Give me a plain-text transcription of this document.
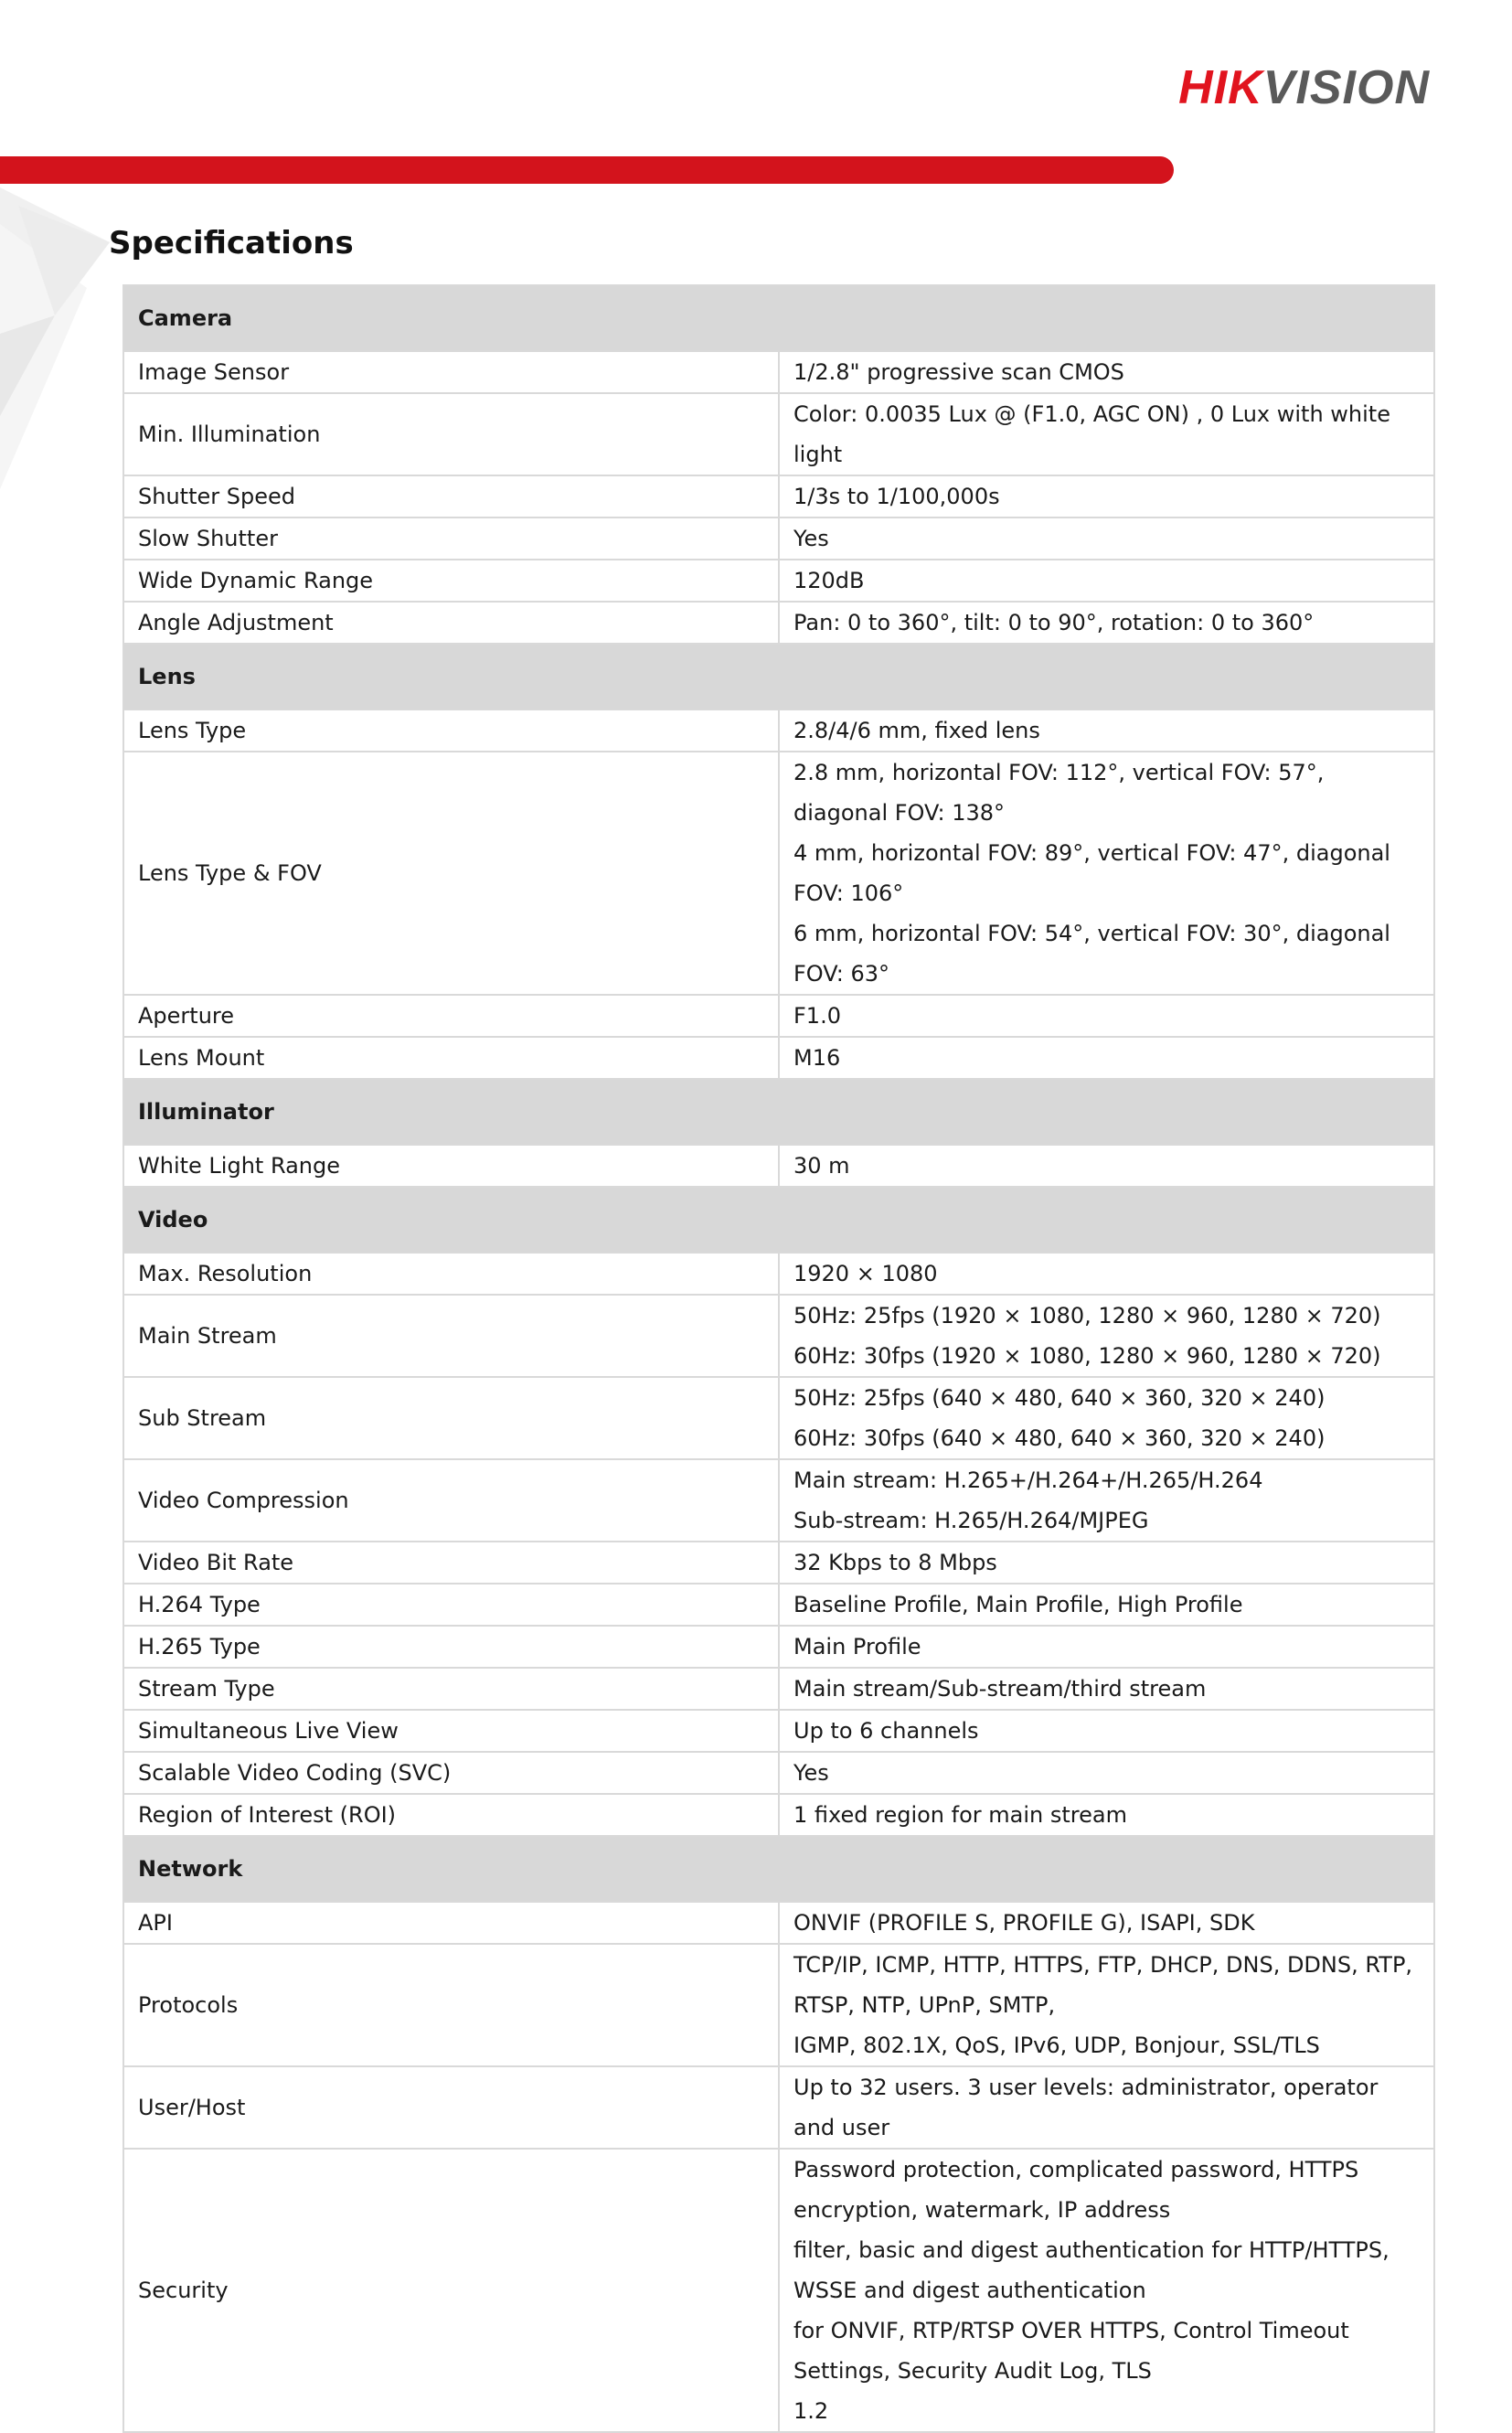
HIKVISION
Specifications
Camera	
Image Sensor	1/2.8" progressive scan CMOS

Min. Illumination	Color: 0.0035 Lux @ (F1.0, AGC ON) , 0 Lux with white light

Shutter Speed	1/3s to 1/100,000s

Slow Shutter	Yes

Wide Dynamic Range	120dB

Angle Adjustment	Pan: 0 to 360°, tilt: 0 to 90°, rotation: 0 to 360°

Lens	
Lens Type	2.8/4/6 mm, fixed lens

Lens Type & FOV	2.8 mm, horizontal FOV: 112°, vertical FOV: 57°, diagonal FOV: 138°
4 mm, horizontal FOV: 89°, vertical FOV: 47°, diagonal FOV: 106°
6 mm, horizontal FOV: 54°, vertical FOV: 30°, diagonal FOV: 63°

Aperture	F1.0

Lens Mount	M16

Illuminator	
White Light Range	30 m

Video	
Max. Resolution	1920 × 1080

Main Stream	50Hz: 25fps (1920 × 1080, 1280 × 960, 1280 × 720)
60Hz: 30fps (1920 × 1080, 1280 × 960, 1280 × 720)

Sub Stream	50Hz: 25fps (640 × 480, 640 × 360, 320 × 240)
60Hz: 30fps (640 × 480, 640 × 360, 320 × 240)

Video Compression	Main stream: H.265+/H.264+/H.265/H.264
Sub-stream: H.265/H.264/MJPEG

Video Bit Rate	32 Kbps to 8 Mbps

H.264 Type	Baseline Profile, Main Profile, High Profile

H.265 Type	Main Profile

Stream Type	Main stream/Sub-stream/third stream

Simultaneous Live View	Up to 6 channels

Scalable Video Coding (SVC)	Yes

Region of Interest (ROI)	1 fixed region for main stream

Network	
API	ONVIF (PROFILE S, PROFILE G), ISAPI, SDK

Protocols	TCP/IP, ICMP, HTTP, HTTPS, FTP, DHCP, DNS, DDNS, RTP, RTSP, NTP, UPnP, SMTP,
IGMP, 802.1X, QoS, IPv6, UDP, Bonjour, SSL/TLS

User/Host	Up to 32 users. 3 user levels: administrator, operator and user

Security	Password protection, complicated password, HTTPS encryption, watermark, IP address
filter, basic and digest authentication for HTTP/HTTPS, WSSE and digest authentication
for ONVIF, RTP/RTSP OVER HTTPS, Control Timeout Settings, Security Audit Log, TLS
1.2
